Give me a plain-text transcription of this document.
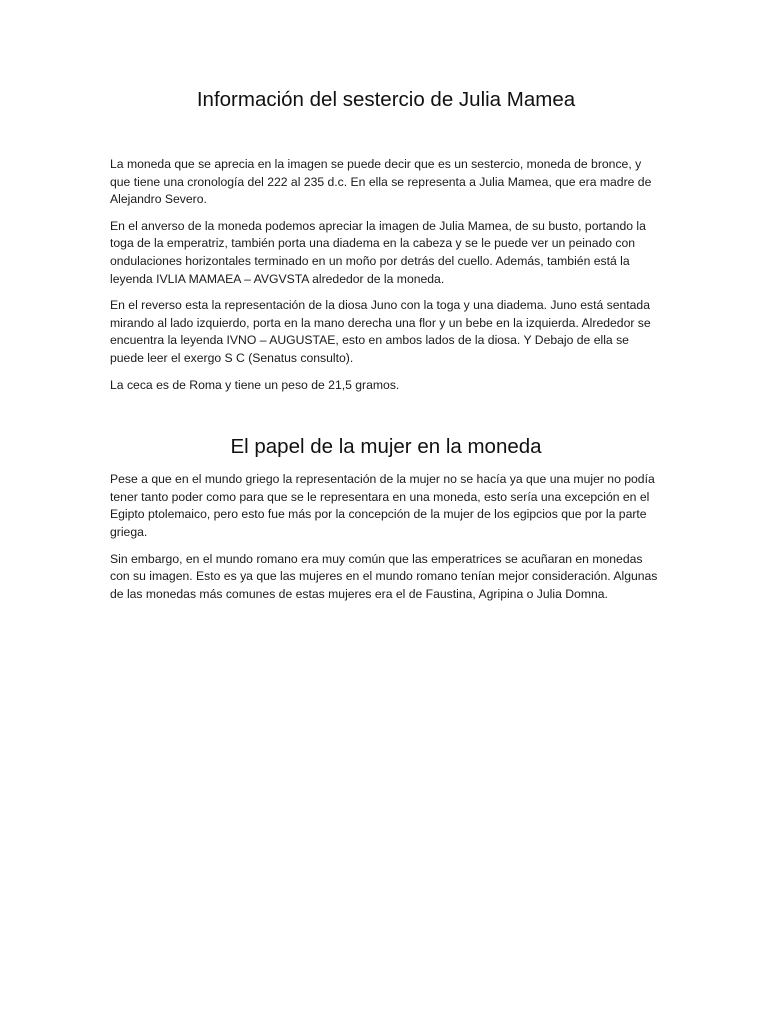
Información del sestercio de Julia Mamea

La moneda que se aprecia en la imagen se puede decir que es un sestercio, moneda de bronce, y que tiene una cronología del 222 al 235 d.c. En ella se representa a Julia Mamea, que era madre de Alejandro Severo.

En el anverso de la moneda podemos apreciar la imagen de Julia Mamea, de su busto, portando la toga de la emperatriz, también porta una diadema en la cabeza y se le puede ver un peinado con ondulaciones horizontales terminado en un moño por detrás del cuello. Además, también está la leyenda IVLIA MAMAEA – AVGVSTA alrededor de la moneda.

En el reverso esta la representación de la diosa Juno con la toga y una diadema. Juno está sentada mirando al lado izquierdo, porta en la mano derecha una flor y un bebe en la izquierda. Alrededor se encuentra la leyenda IVNO – AUGUSTAE, esto en ambos lados de la diosa. Y Debajo de ella se puede leer el exergo S C (Senatus consulto).

La ceca es de Roma y tiene un peso de 21,5 gramos.

El papel de la mujer en la moneda

Pese a que en el mundo griego la representación de la mujer no se hacía ya que una mujer no podía tener tanto poder como para que se le representara en una moneda, esto sería una excepción en el Egipto ptolemaico, pero esto fue más por la concepción de la mujer de los egipcios que por la parte griega.

Sin embargo, en el mundo romano era muy común que las emperatrices se acuñaran en monedas con su imagen. Esto es ya que las mujeres en el mundo romano tenían mejor consideración. Algunas de las monedas más comunes de estas mujeres era el de Faustina, Agripina o Julia Domna.
